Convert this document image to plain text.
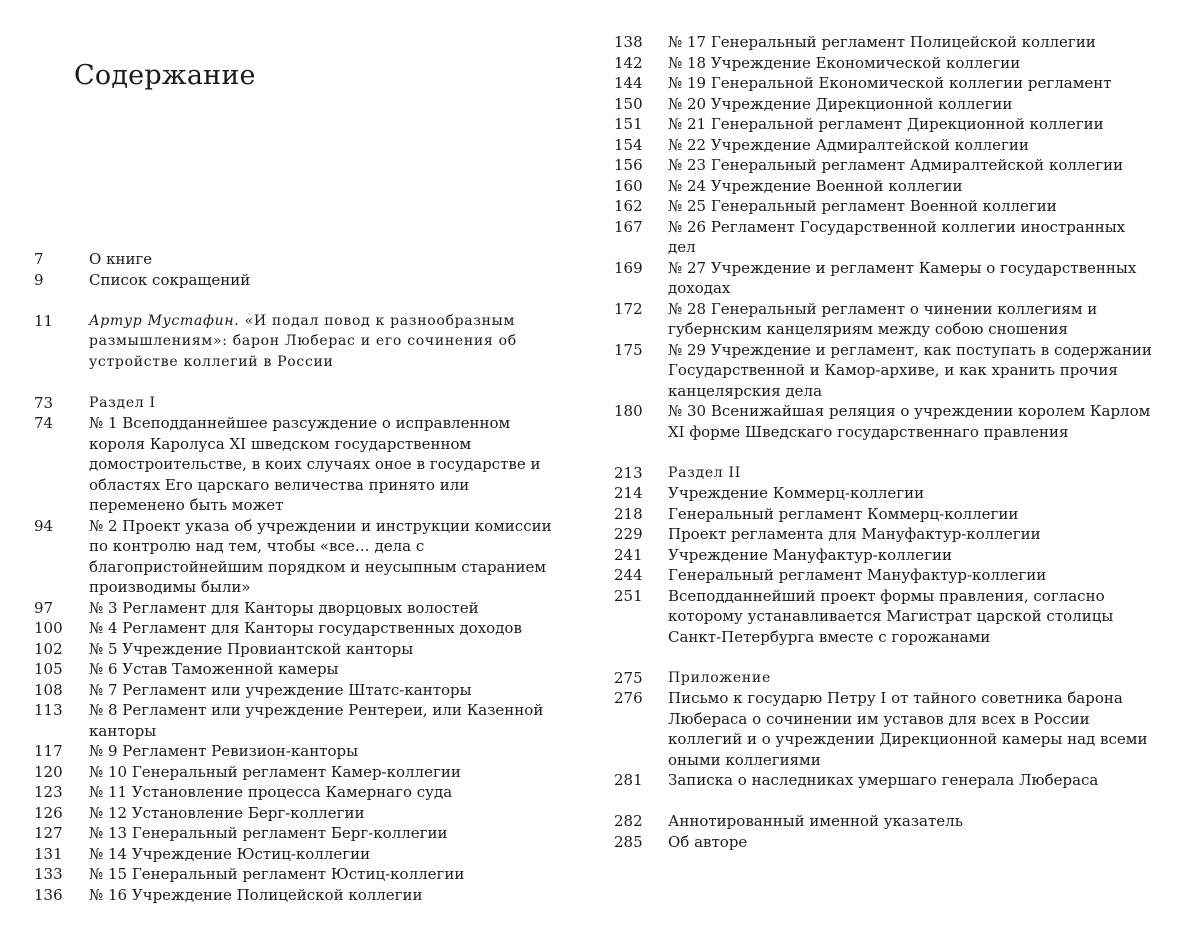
Содержание
7	О книге
9	Список сокращений
11	Артур Мустафин. «И подал повод к разнообразным размышлениям»: барон Люберас и его сочинения об устройстве коллегий в России
73	Раздел I
74	№ 1 Всеподданнейшее разсуждение о исправленном короля Каролуса XI шведском государственном домостроительстве, в коих случаях оное в государстве и областях Его царскаго величества принято или переменено быть может
94	№ 2 Проект указа об учреждении и инструкции комиссии по контролю над тем, чтобы «все… дела с благопристойнейшим порядком и неусыпным старанием производимы были»
97	№ 3 Регламент для Канторы дворцовых волостей
100	№ 4 Регламент для Канторы государственных доходов
102	№ 5 Учреждение Провиантской канторы
105	№ 6 Устав Таможенной камеры
108	№ 7 Регламент или учреждение Штатс-канторы
113	№ 8 Регламент или учреждение Рентереи, или Казенной канторы
117	№ 9 Регламент Ревизион-канторы
120	№ 10 Генеральный регламент Камер-коллегии
123	№ 11 Установление процесса Камернаго суда
126	№ 12 Установление Берг-коллегии
127	№ 13 Генеральный регламент Берг-коллегии
131	№ 14 Учреждение Юстиц-коллегии
133	№ 15 Генеральный регламент Юстиц-коллегии
136	№ 16 Учреждение Полицейской коллегии
138	№ 17 Генеральный регламент Полицейской коллегии
142	№ 18 Учреждение Економической коллегии
144	№ 19 Генеральной Економической коллегии регламент
150	№ 20 Учреждение Дирекционной коллегии
151	№ 21 Генеральной регламент Дирекционной коллегии
154	№ 22 Учреждение Адмиралтейской коллегии
156	№ 23 Генеральный регламент Адмиралтейской коллегии
160	№ 24 Учреждение Военной коллегии
162	№ 25 Генеральный регламент Военной коллегии
167	№ 26 Регламент Государственной коллегии иностранных дел
169	№ 27 Учреждение и регламент Камеры о государственных доходах
172	№ 28 Генеральный регламент о чинении коллегиям и губернским канцеляриям между собою сношения
175	№ 29 Учреждение и регламент, как поступать в содержании Государственной и Камор-архиве, и как хранить прочия канцелярския дела
180	№ 30 Всенижайшая реляция о учреждении королем Карлом XI форме Шведскаго государственнаго правления
213	Раздел II
214	Учреждение Коммерц-коллегии
218	Генеральный регламент Коммерц-коллегии
229	Проект регламента для Мануфактур-коллегии
241	Учреждение Мануфактур-коллегии
244	Генеральный регламент Мануфактур-коллегии
251	Всеподданнейший проект формы правления, согласно которому устанавливается Магистрат царской столицы Санкт-Петербурга вместе с горожанами
275	Приложение
276	Письмо к государю Петру I от тайного советника барона Любераса о сочинении им уставов для всех в России коллегий и о учреждении Дирекционной камеры над всеми оными коллегиями
281	Записка о наследниках умершаго генерала Любераса
282	Аннотированный именной указатель
285	Об авторе
